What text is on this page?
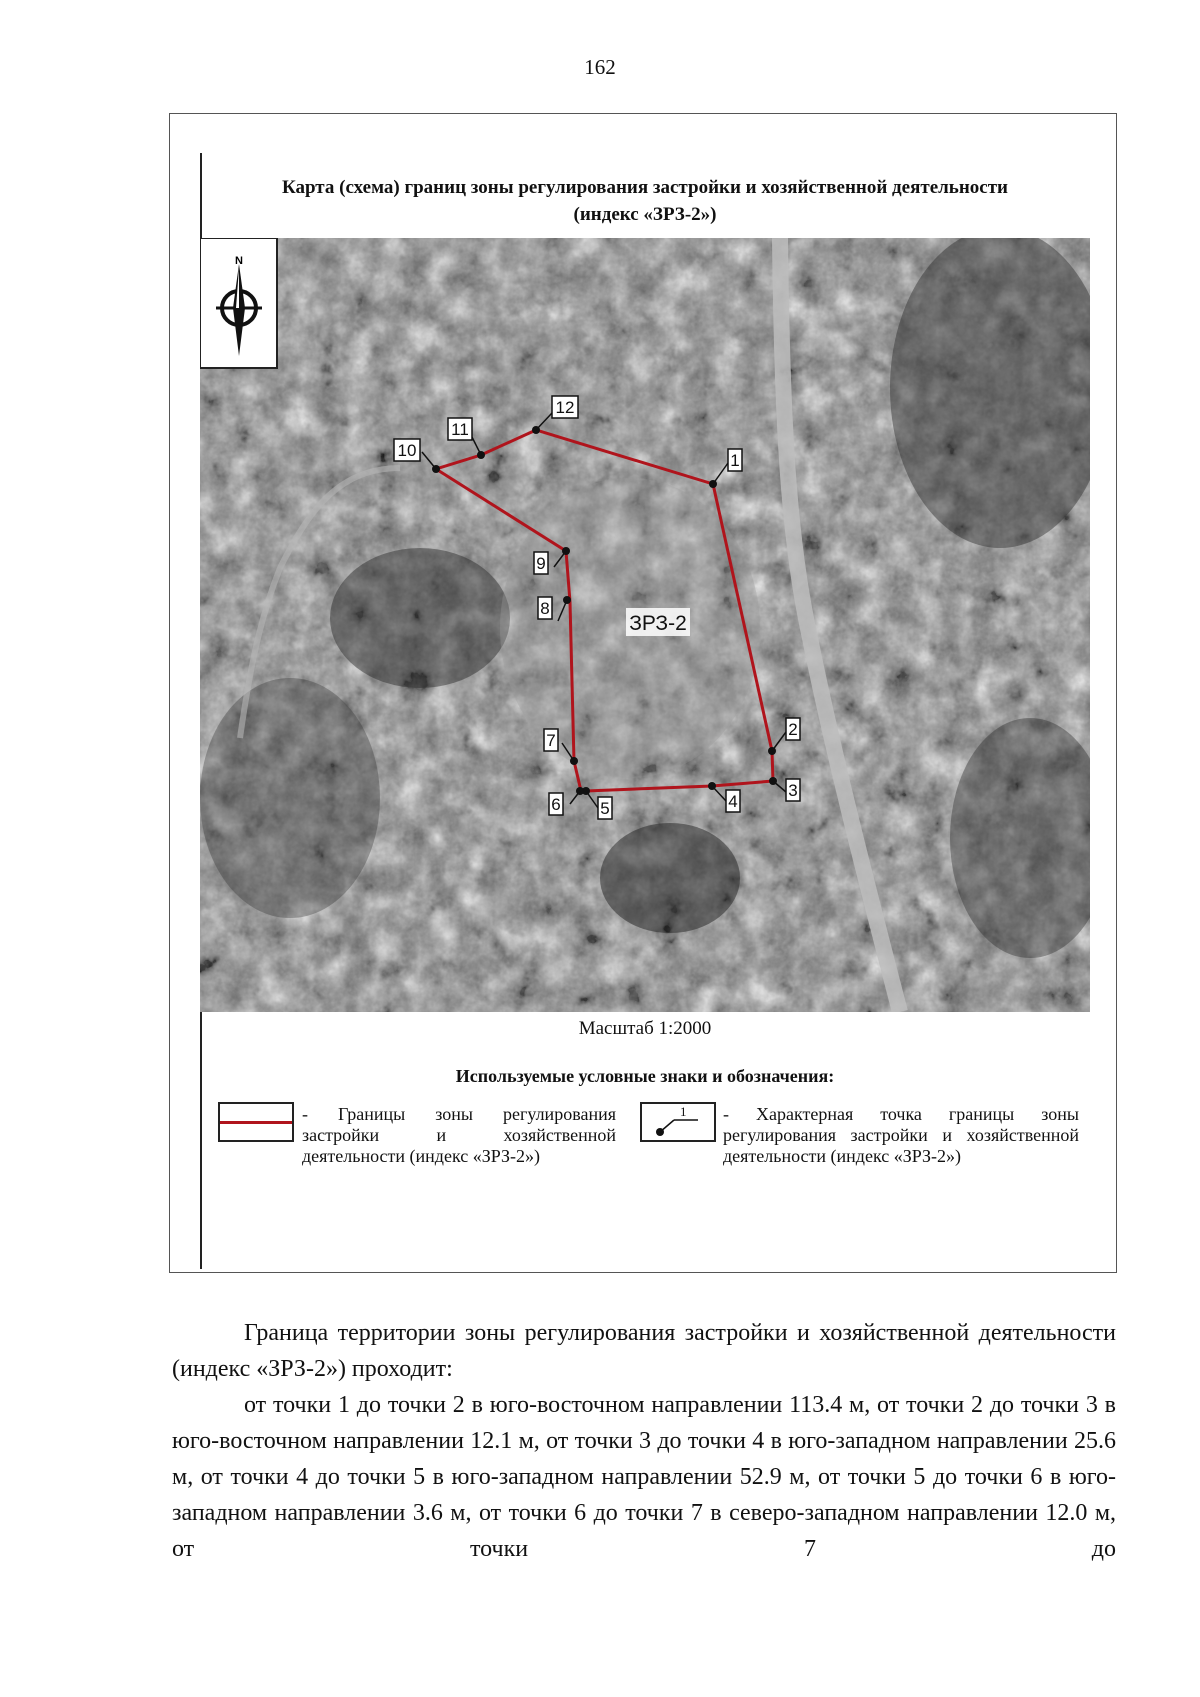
162
Карта (схема) границ зоны регулирования застройки и хозяйственной деятельности
(индекс «ЗРЗ-2»)
N
ЗРЗ-2
1
2
3
4
5
6
7
8
9
10
11
12
Масштаб 1:2000
Используемые условные знаки и обозначения:
- Границы зоны регулирования застройки и хозяйственной деятельности (индекс «ЗРЗ-2»)
1 - Характерная точка границы зоны регулирования застройки и хозяйственной деятельности (индекс «ЗРЗ-2»)
Граница территории зоны регулирования застройки и хозяйственной деятельности (индекс «ЗРЗ-2») проходит:
от точки 1 до точки 2 в юго-восточном направлении 113.4 м, от точки 2 до точки 3 в юго-восточном направлении 12.1 м, от точки 3 до точки 4 в юго-западном направлении 25.6 м, от точки 4 до точки 5 в юго-западном направлении 52.9 м, от точки 5 до точки 6 в юго-западном направлении 3.6 м, от точки 6 до точки 7 в северо-западном направлении 12.0 м, от точки 7 до
